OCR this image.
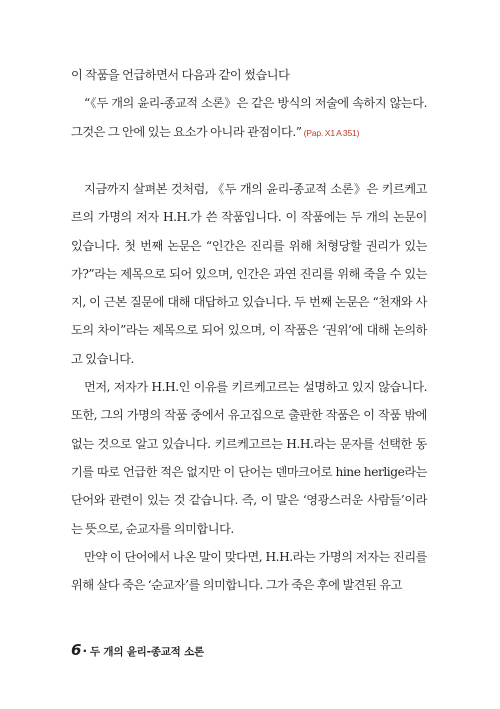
이 작품을 언급하면서 다음과 같이 썼습니다

“《두 개의 윤리-종교적 소론》은 같은 방식의 저술에 속하지 않는다. 그것은 그 안에 있는 요소가 아니라 관점이다.” (Pap. X1 A 351)

지금까지 살펴본 것처럼, 《두 개의 윤리-종교적 소론》은 키르케고르의 가명의 저자 H.H.가 쓴 작품입니다. 이 작품에는 두 개의 논문이 있습니다. 첫 번째 논문은 “인간은 진리를 위해 처형당할 권리가 있는가?”라는 제목으로 되어 있으며, 인간은 과연 진리를 위해 죽을 수 있는지, 이 근본 질문에 대해 대답하고 있습니다. 두 번째 논문은 “천재와 사도의 차이”라는 제목으로 되어 있으며, 이 작품은 ‘권위’에 대해 논의하고 있습니다.

먼저, 저자가 H.H.인 이유를 키르케고르는 설명하고 있지 않습니다. 또한, 그의 가명의 작품 중에서 유고집으로 출판한 작품은 이 작품 밖에 없는 것으로 알고 있습니다. 키르케고르는 H.H.라는 문자를 선택한 동기를 따로 언급한 적은 없지만 이 단어는 덴마크어로 hine herlige라는 단어와 관련이 있는 것 같습니다. 즉, 이 말은 ‘영광스러운 사람들’이라는 뜻으로, 순교자를 의미합니다.

만약 이 단어에서 나온 말이 맞다면, H.H.라는 가명의 저자는 진리를 위해 살다 죽은 ‘순교자’를 의미합니다. 그가 죽은 후에 발견된 유고

6 · 두 개의 윤리-종교적 소론
